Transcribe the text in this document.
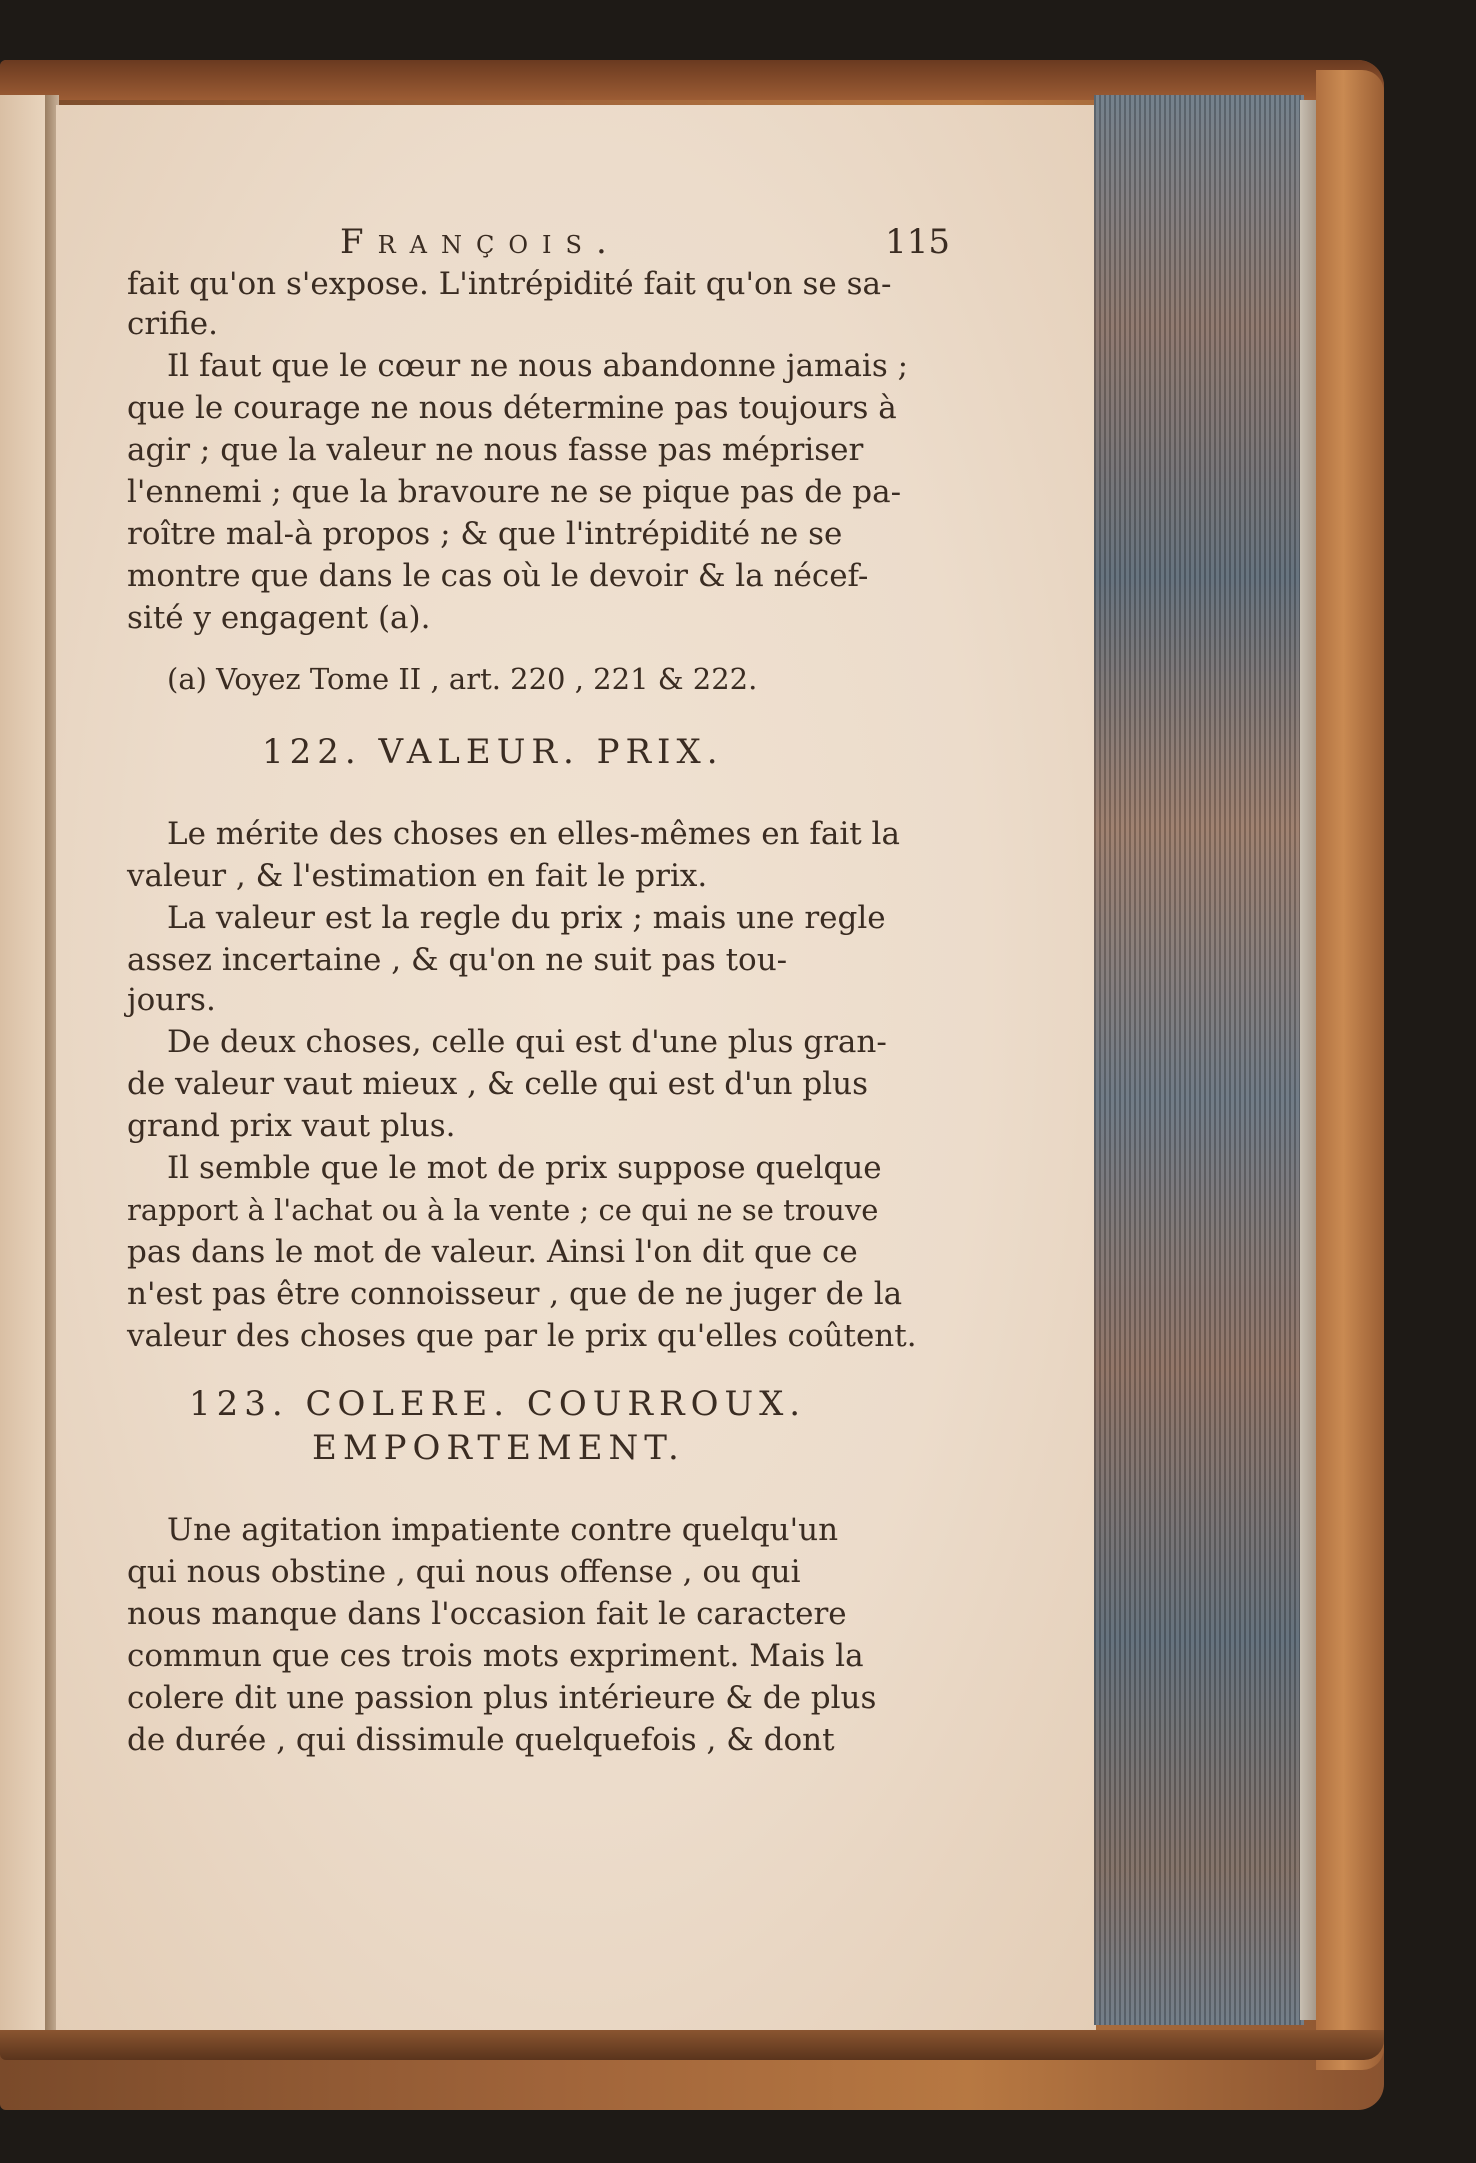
François.	115
fait qu'on s'expose. L'intrépidité fait qu'on se sa-
crifie.
Il faut que le cœur ne nous abandonne jamais ;
que le courage ne nous détermine pas toujours à
agir ; que la valeur ne nous fasse pas mépriser
l'ennemi ; que la bravoure ne se pique pas de pa-
roître mal-à propos ; & que l'intrépidité ne se
montre que dans le cas où le devoir & la nécef-
sité y engagent (a).
(a) Voyez Tome II , art. 220 , 221 & 222.
122. VALEUR. PRIX.
Le mérite des choses en elles-mêmes en fait la
valeur , & l'estimation en fait le prix.
La valeur est la regle du prix ; mais une regle
assez incertaine , & qu'on ne suit pas tou-
jours.
De deux choses, celle qui est d'une plus gran-
de valeur vaut mieux , & celle qui est d'un plus
grand prix vaut plus.
Il semble que le mot de prix suppose quelque
rapport à l'achat ou à la vente ; ce qui ne se trouve
pas dans le mot de valeur. Ainsi l'on dit que ce
n'est pas être connoisseur , que de ne juger de la
valeur des choses que par le prix qu'elles coûtent.
123. COLERE. COURROUX.
EMPORTEMENT.
Une agitation impatiente contre quelqu'un
qui nous obstine , qui nous offense , ou qui
nous manque dans l'occasion fait le caractere
commun que ces trois mots expriment. Mais la
colere dit une passion plus intérieure & de plus
de durée , qui dissimule quelquefois , & dont
